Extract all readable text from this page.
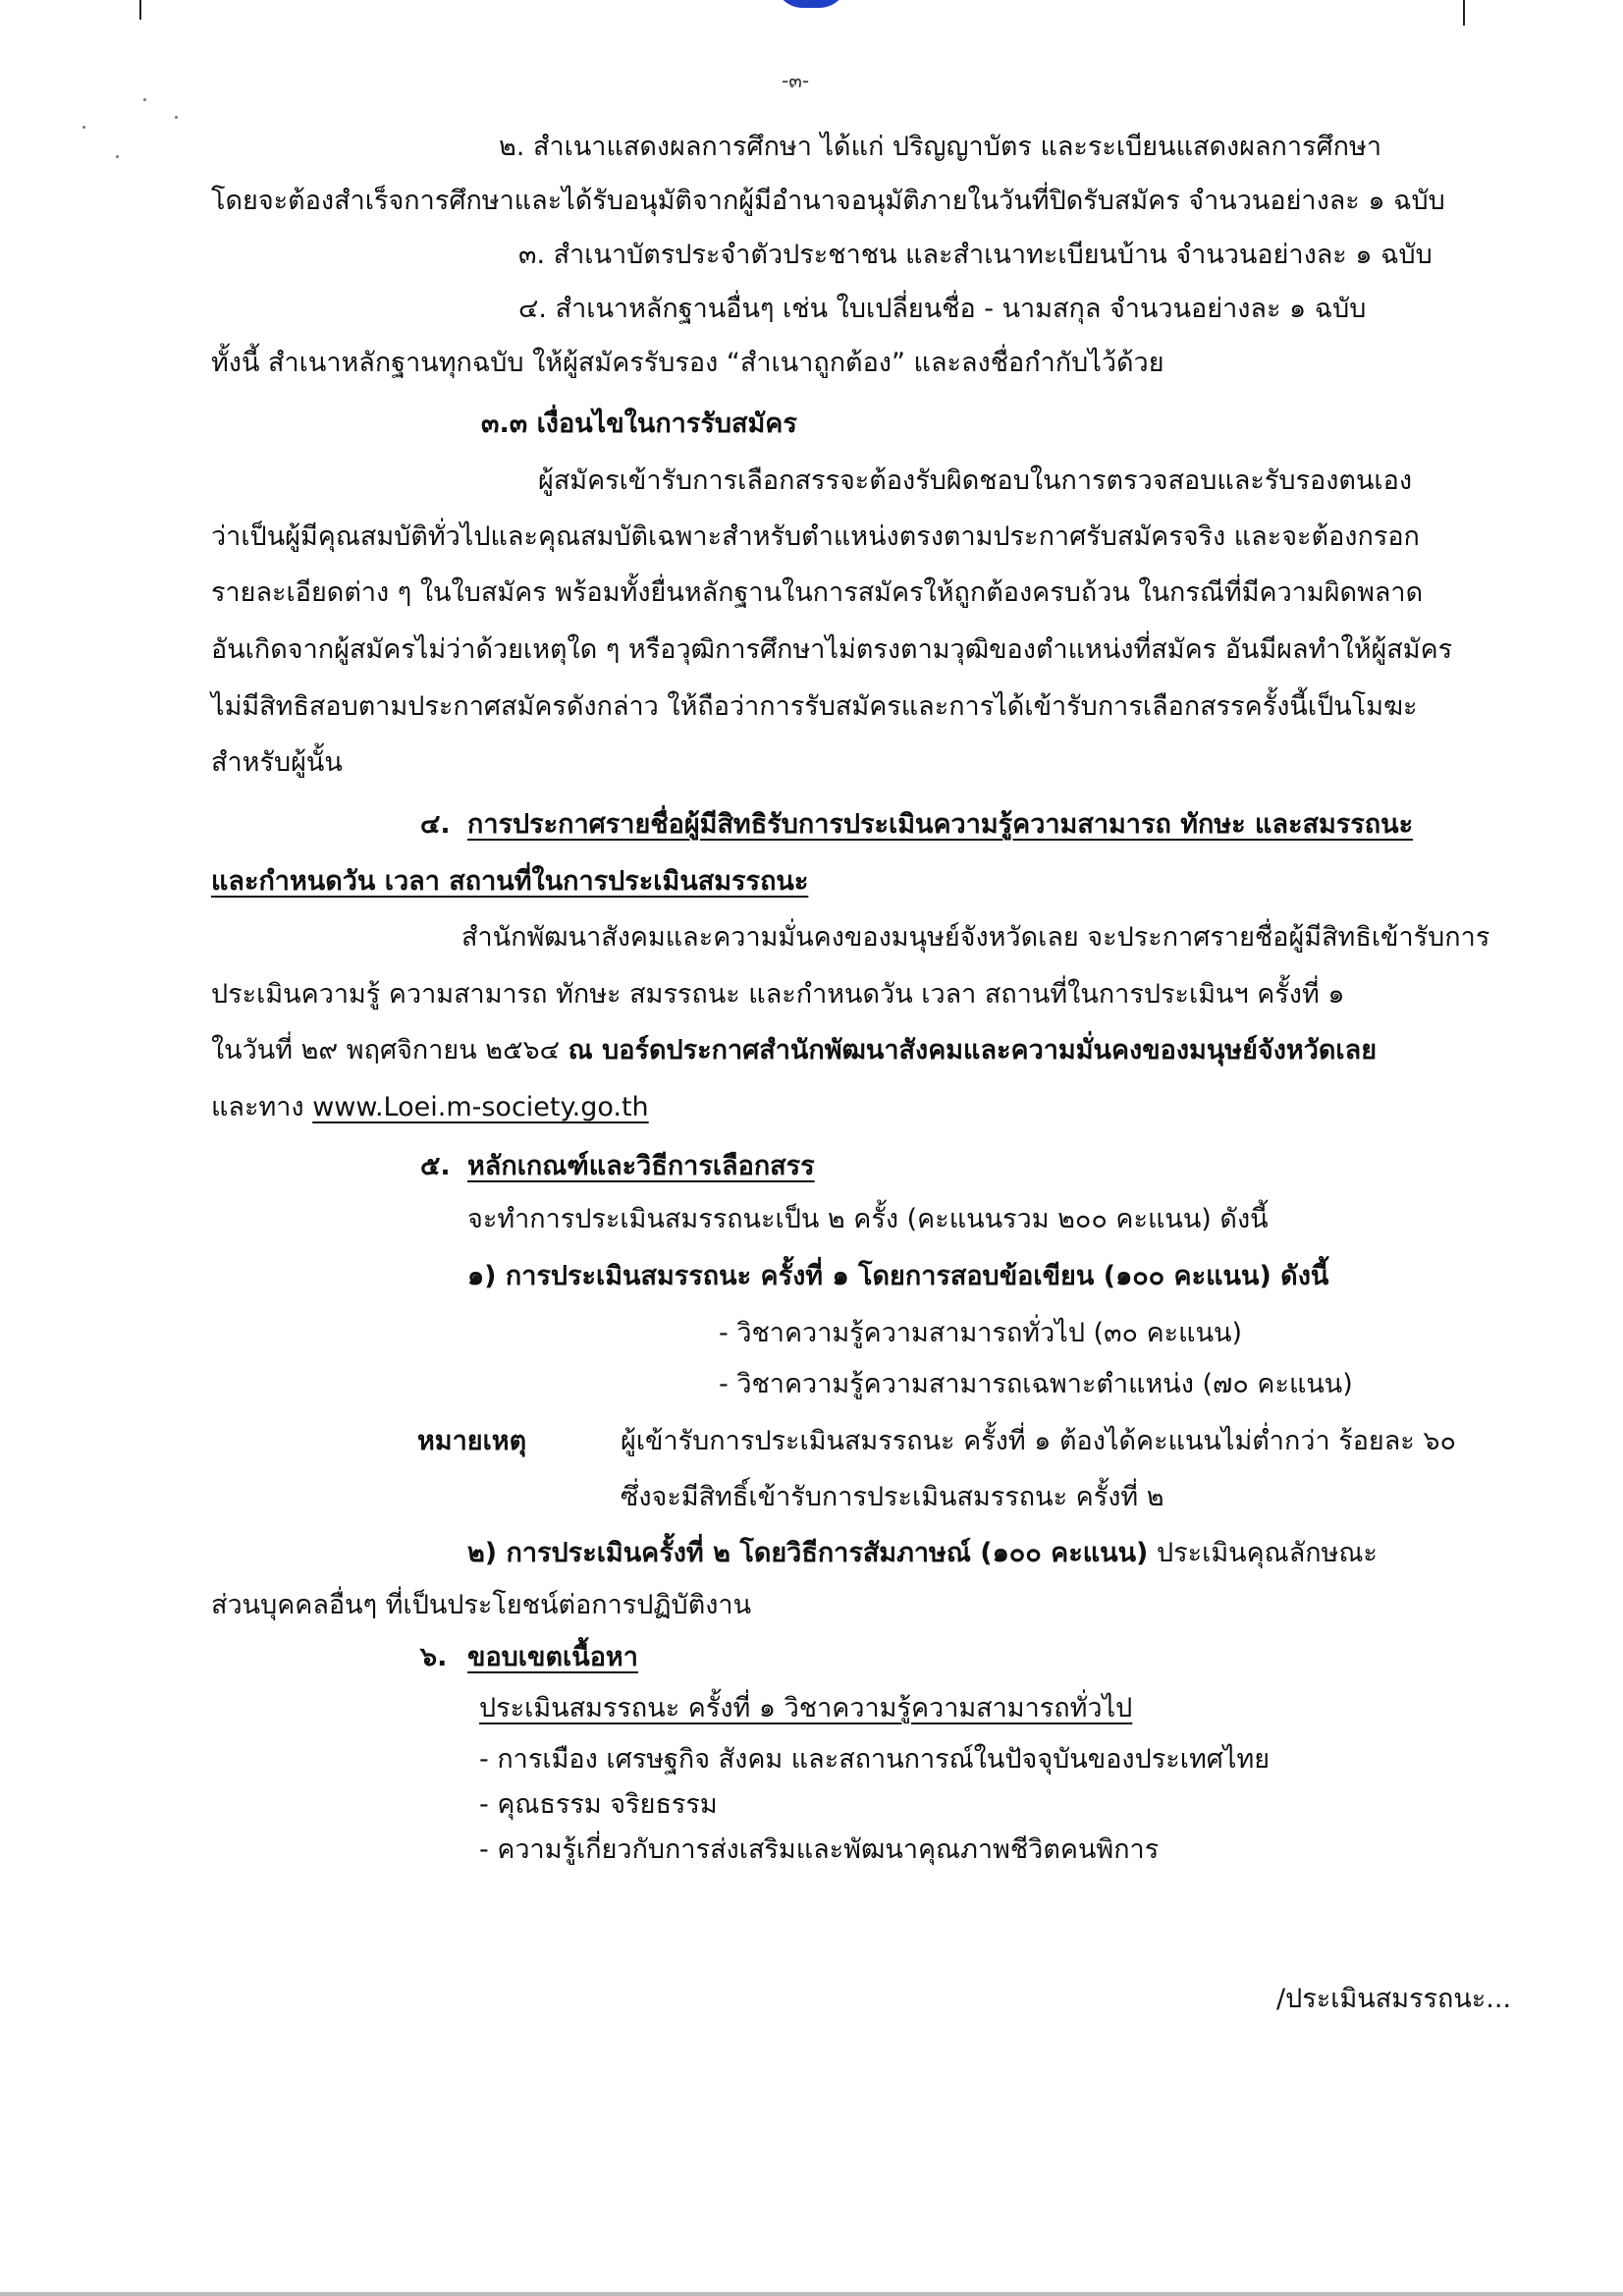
-๓-
๒. สำเนาแสดงผลการศึกษา ได้แก่ ปริญญาบัตร และระเบียนแสดงผลการศึกษา
โดยจะต้องสำเร็จการศึกษาและได้รับอนุมัติจากผู้มีอำนาจอนุมัติภายในวันที่ปิดรับสมัคร จำนวนอย่างละ ๑ ฉบับ
๓. สำเนาบัตรประจำตัวประชาชน และสำเนาทะเบียนบ้าน จำนวนอย่างละ ๑ ฉบับ
๔. สำเนาหลักฐานอื่นๆ เช่น ใบเปลี่ยนชื่อ - นามสกุล จำนวนอย่างละ ๑ ฉบับ
ทั้งนี้ สำเนาหลักฐานทุกฉบับ ให้ผู้สมัครรับรอง “สำเนาถูกต้อง” และลงชื่อกำกับไว้ด้วย
๓.๓ เงื่อนไขในการรับสมัคร
ผู้สมัครเข้ารับการเลือกสรรจะต้องรับผิดชอบในการตรวจสอบและรับรองตนเอง
ว่าเป็นผู้มีคุณสมบัติทั่วไปและคุณสมบัติเฉพาะสำหรับตำแหน่งตรงตามประกาศรับสมัครจริง และจะต้องกรอก
รายละเอียดต่าง ๆ ในใบสมัคร พร้อมทั้งยื่นหลักฐานในการสมัครให้ถูกต้องครบถ้วน ในกรณีที่มีความผิดพลาด
อันเกิดจากผู้สมัครไม่ว่าด้วยเหตุใด ๆ หรือวุฒิการศึกษาไม่ตรงตามวุฒิของตำแหน่งที่สมัคร อันมีผลทำให้ผู้สมัคร
ไม่มีสิทธิสอบตามประกาศสมัครดังกล่าว ให้ถือว่าการรับสมัครและการได้เข้ารับการเลือกสรรครั้งนี้เป็นโมฆะ
สำหรับผู้นั้น
๔. การประกาศรายชื่อผู้มีสิทธิรับการประเมินความรู้ความสามารถ ทักษะ และสมรรถนะ
และกำหนดวัน เวลา สถานที่ในการประเมินสมรรถนะ
สำนักพัฒนาสังคมและความมั่นคงของมนุษย์จังหวัดเลย จะประกาศรายชื่อผู้มีสิทธิเข้ารับการ
ประเมินความรู้ ความสามารถ ทักษะ สมรรถนะ และกำหนดวัน เวลา สถานที่ในการประเมินฯ ครั้งที่ ๑
ในวันที่ ๒๙ พฤศจิกายน ๒๕๖๔ ณ บอร์ดประกาศสำนักพัฒนาสังคมและความมั่นคงของมนุษย์จังหวัดเลย
และทาง www.Loei.m-society.go.th
๕. หลักเกณฑ์และวิธีการเลือกสรร
จะทำการประเมินสมรรถนะเป็น ๒ ครั้ง (คะแนนรวม ๒๐๐ คะแนน) ดังนี้
๑) การประเมินสมรรถนะ ครั้งที่ ๑ โดยการสอบข้อเขียน (๑๐๐ คะแนน) ดังนี้
- วิชาความรู้ความสามารถทั่วไป (๓๐ คะแนน)
- วิชาความรู้ความสามารถเฉพาะตำแหน่ง (๗๐ คะแนน)
หมายเหตุ	ผู้เข้ารับการประเมินสมรรถนะ ครั้งที่ ๑ ต้องได้คะแนนไม่ต่ำกว่า ร้อยละ ๖๐
ซึ่งจะมีสิทธิ์เข้ารับการประเมินสมรรถนะ ครั้งที่ ๒
๒) การประเมินครั้งที่ ๒ โดยวิธีการสัมภาษณ์ (๑๐๐ คะแนน) ประเมินคุณลักษณะ
ส่วนบุคคลอื่นๆ ที่เป็นประโยชน์ต่อการปฏิบัติงาน
๖. ขอบเขตเนื้อหา
ประเมินสมรรถนะ ครั้งที่ ๑ วิชาความรู้ความสามารถทั่วไป
- การเมือง เศรษฐกิจ สังคม และสถานการณ์ในปัจจุบันของประเทศไทย
- คุณธรรม จริยธรรม
- ความรู้เกี่ยวกับการส่งเสริมและพัฒนาคุณภาพชีวิตคนพิการ
/ประเมินสมรรถนะ...
